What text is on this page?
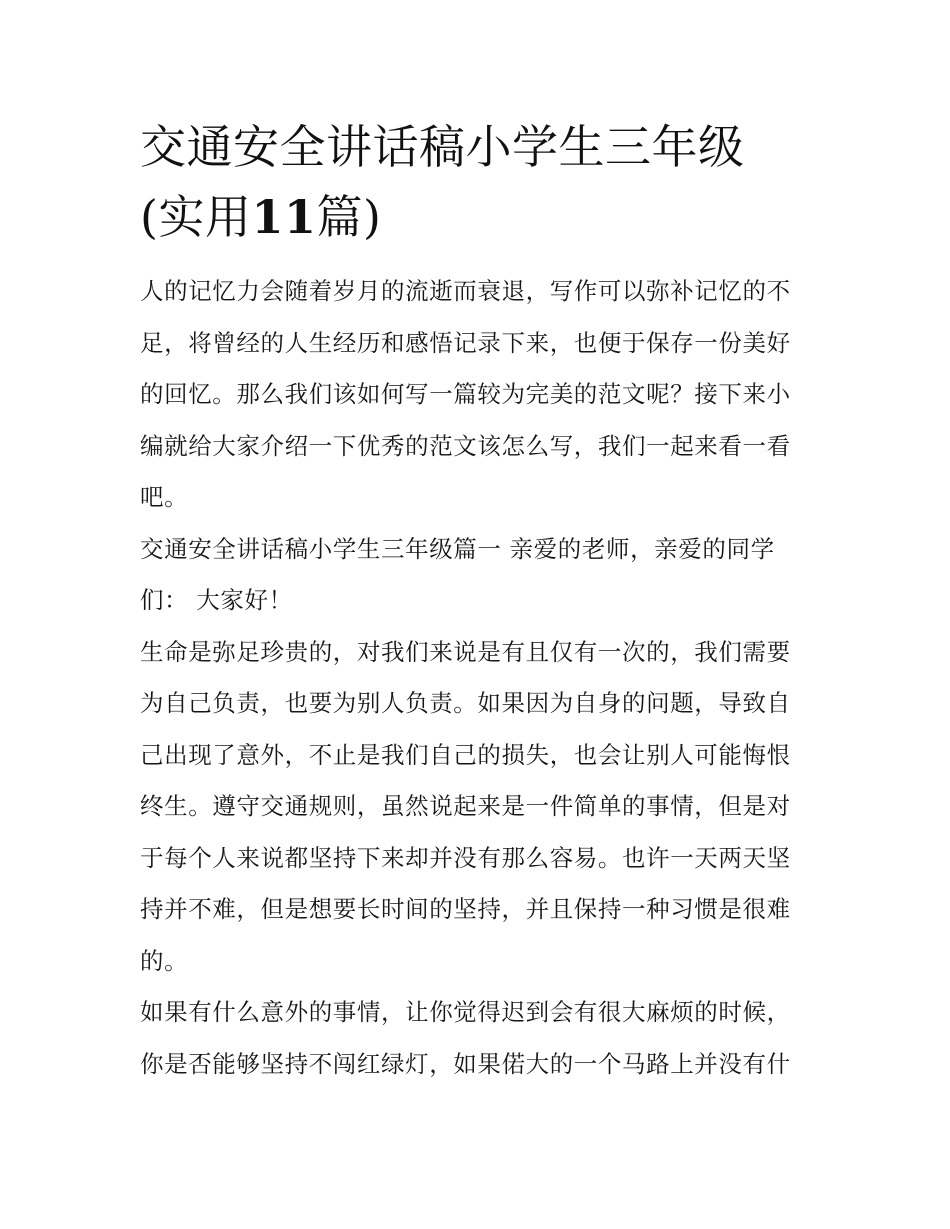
交通安全讲话稿小学生三年级
(实用11篇)

人的记忆力会随着岁月的流逝而衰退，写作可以弥补记忆的不
足，将曾经的人生经历和感悟记录下来，也便于保存一份美好
的回忆。那么我们该如何写一篇较为完美的范文呢？接下来小
编就给大家介绍一下优秀的范文该怎么写，我们一起来看一看
吧。

交通安全讲话稿小学生三年级篇一 亲爱的老师，亲爱的同学
们： 大家好！

生命是弥足珍贵的，对我们来说是有且仅有一次的，我们需要
为自己负责，也要为别人负责。如果因为自身的问题，导致自
己出现了意外，不止是我们自己的损失，也会让别人可能悔恨
终生。遵守交通规则，虽然说起来是一件简单的事情，但是对
于每个人来说都坚持下来却并没有那么容易。也许一天两天坚
持并不难，但是想要长时间的坚持，并且保持一种习惯是很难
的。

如果有什么意外的事情，让你觉得迟到会有很大麻烦的时候，
你是否能够坚持不闯红绿灯，如果偌大的一个马路上并没有什
